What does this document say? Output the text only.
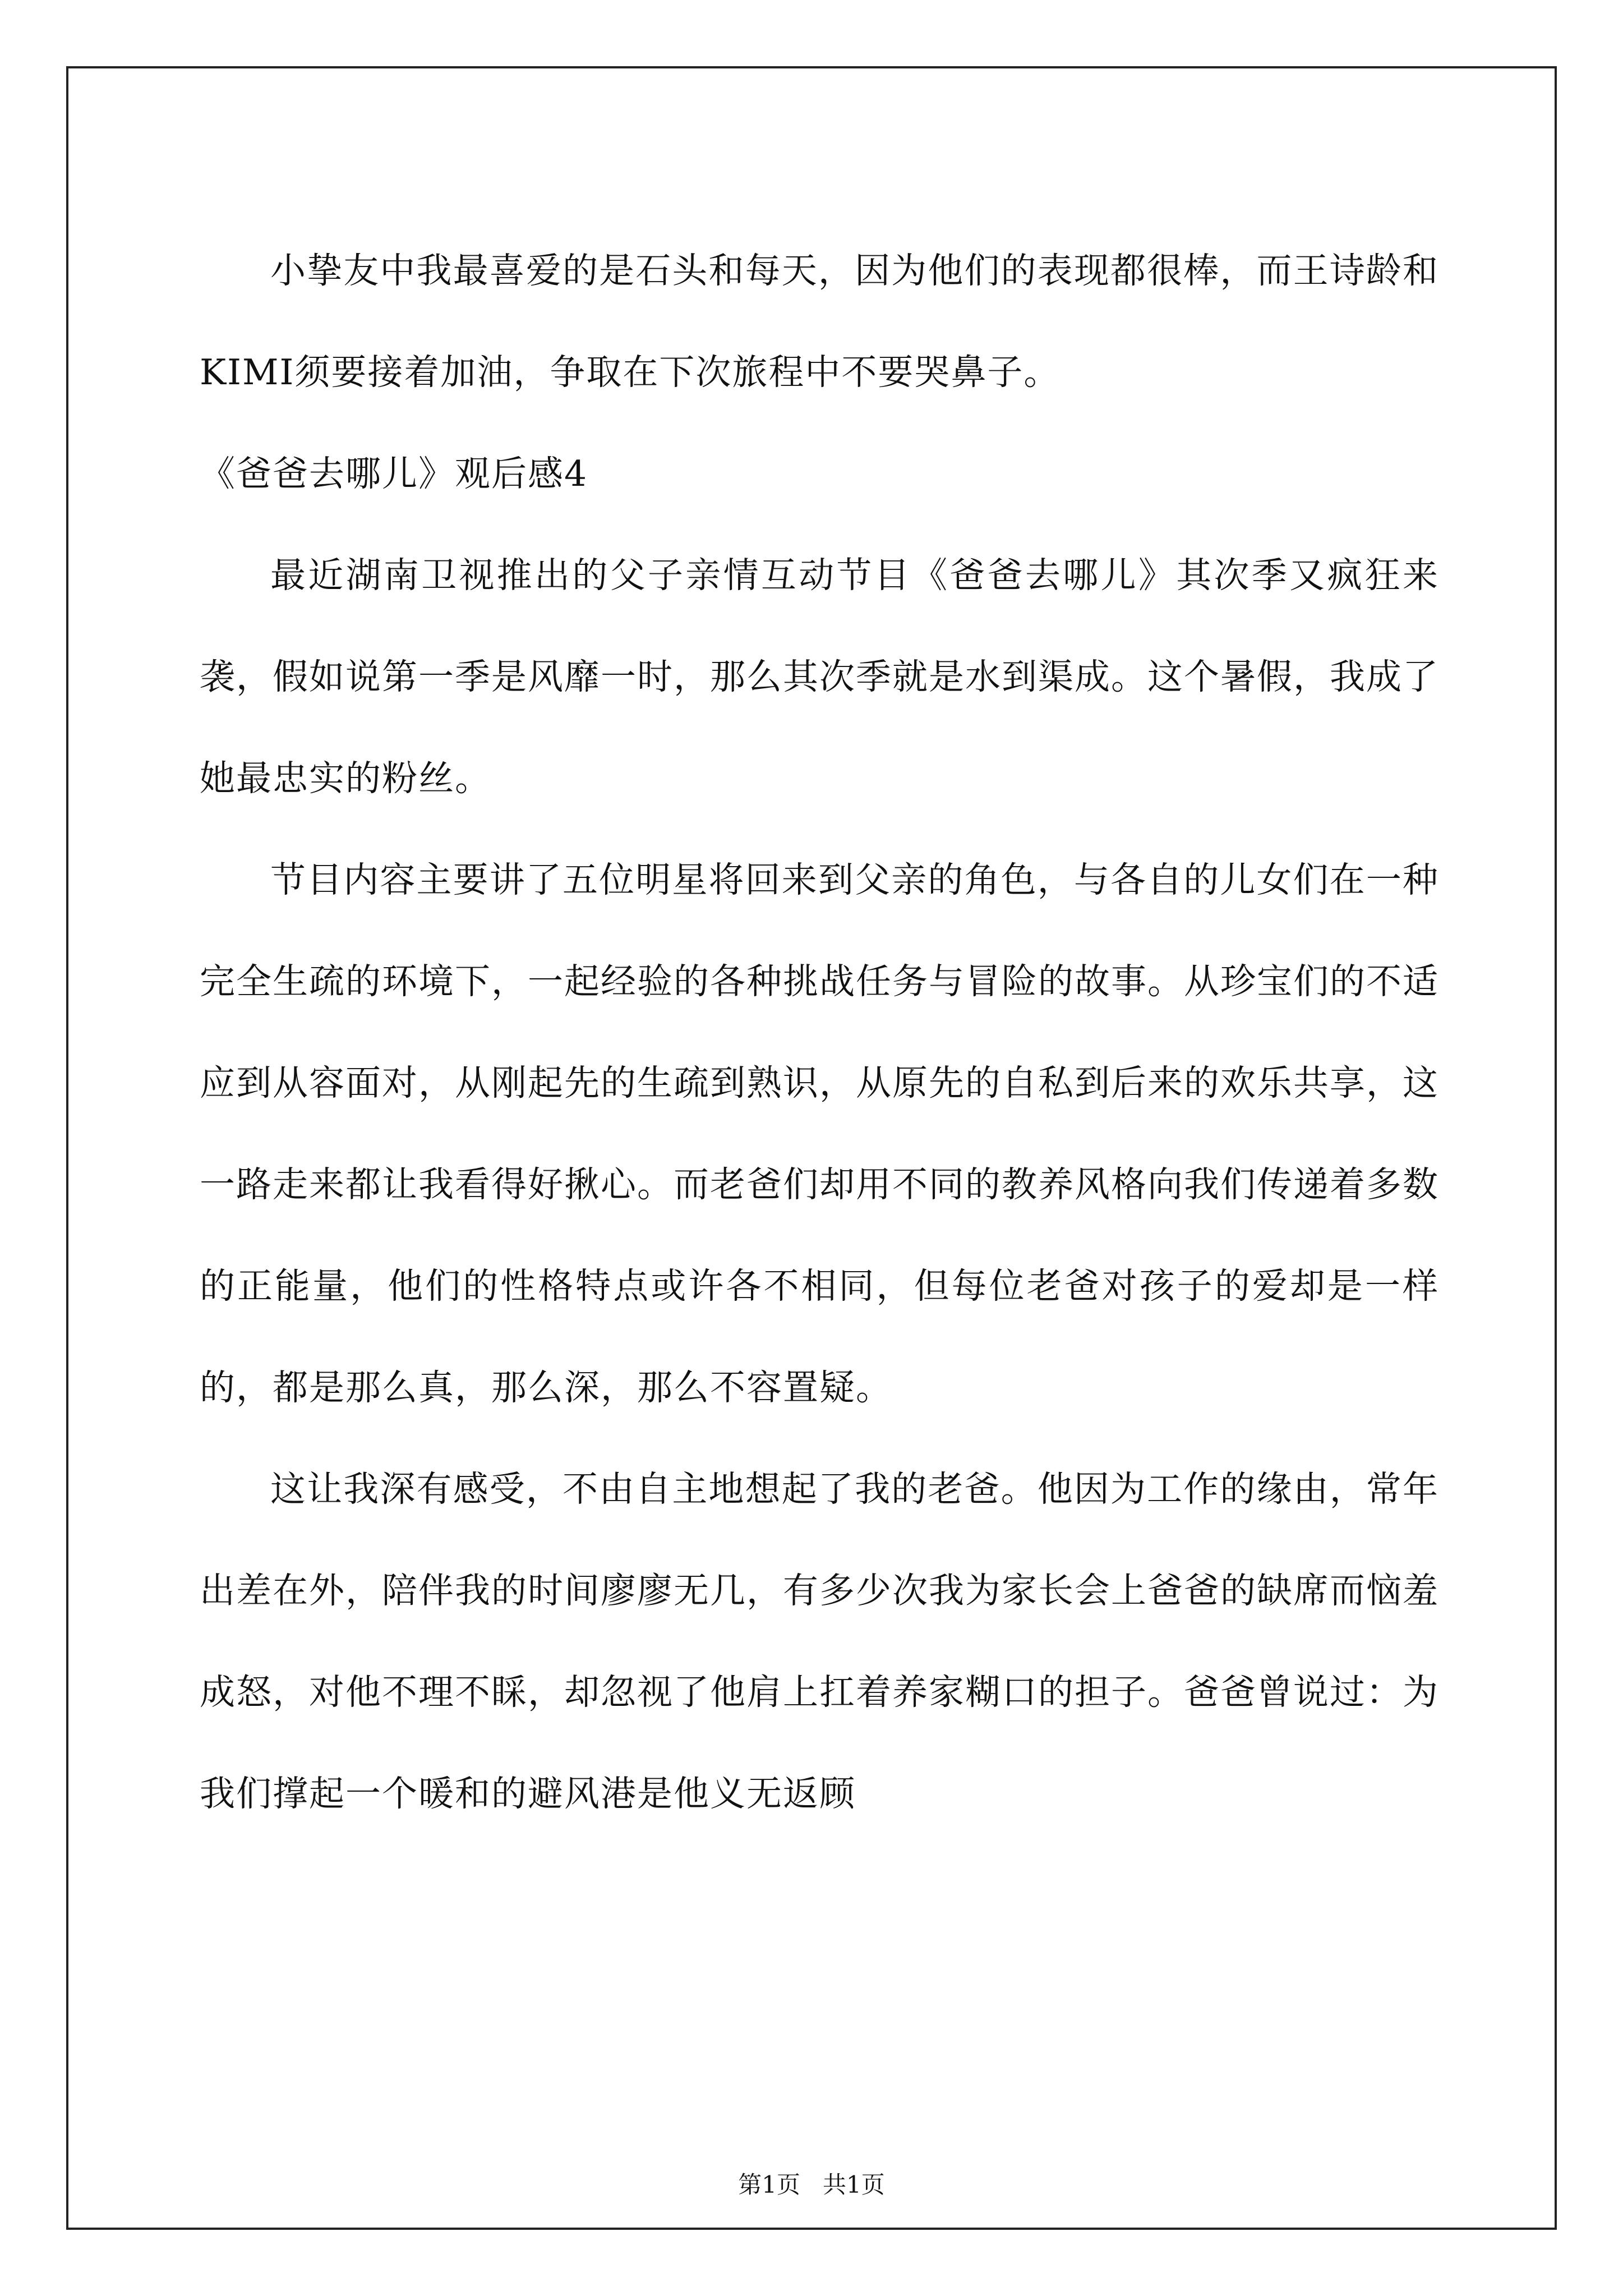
小挚友中我最喜爱的是石头和每天，因为他们的表现都很棒，而王诗龄和KIMI须要接着加油，争取在下次旅程中不要哭鼻子。

《爸爸去哪儿》观后感4

最近湖南卫视推出的父子亲情互动节目《爸爸去哪儿》其次季又疯狂来袭，假如说第一季是风靡一时，那么其次季就是水到渠成。这个暑假，我成了她最忠实的粉丝。

节目内容主要讲了五位明星将回来到父亲的角色，与各自的儿女们在一种完全生疏的环境下，一起经验的各种挑战任务与冒险的故事。从珍宝们的不适应到从容面对，从刚起先的生疏到熟识，从原先的自私到后来的欢乐共享，这一路走来都让我看得好揪心。而老爸们却用不同的教养风格向我们传递着多数的正能量，他们的性格特点或许各不相同，但每位老爸对孩子的爱却是一样的，都是那么真，那么深，那么不容置疑。

这让我深有感受，不由自主地想起了我的老爸。他因为工作的缘由，常年出差在外，陪伴我的时间廖廖无几，有多少次我为家长会上爸爸的缺席而恼羞成怒，对他不理不睬，却忽视了他肩上扛着养家糊口的担子。爸爸曾说过：为我们撑起一个暖和的避风港是他义无返顾

第1页 共1页
